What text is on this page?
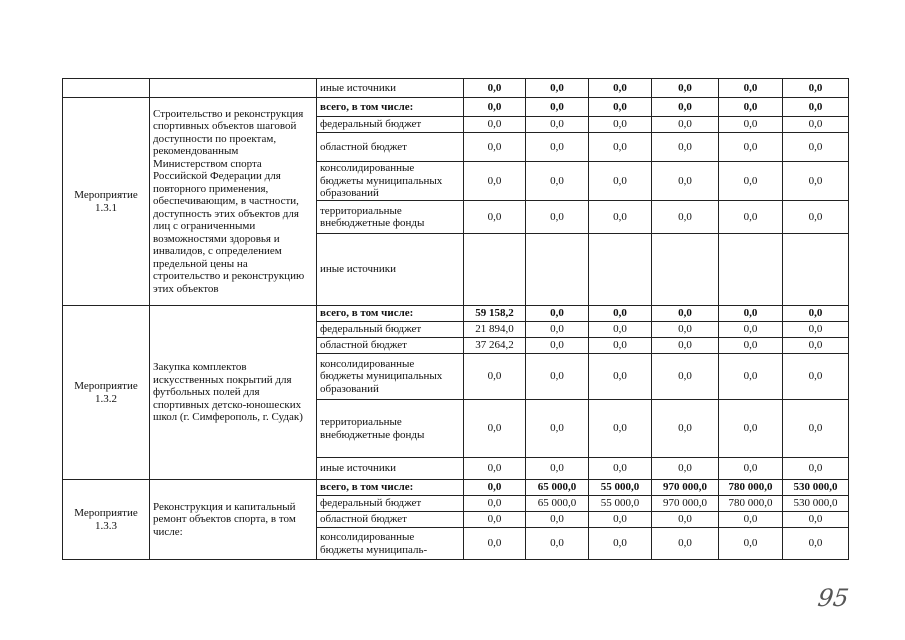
		иные источники	0,0	0,0	0,0	0,0	0,0	0,0
Мероприятие 1.3.1	Строительство и реконструкция спортивных объектов шаговой доступности по проектам, рекомендованным Министерством спорта Российской Федерации для повторного применения, обеспечивающим, в частности, доступность этих объектов для лиц с ограниченными возможностями здоровья и инвалидов, с определением предельной цены на строительство и реконструкцию этих объектов	всего, в том числе:	0,0	0,0	0,0	0,0	0,0	0,0
		федеральный бюджет	0,0	0,0	0,0	0,0	0,0	0,0
		областной бюджет	0,0	0,0	0,0	0,0	0,0	0,0
		консолидированные бюджеты муниципальных образований	0,0	0,0	0,0	0,0	0,0	0,0
		территориальные внебюджетные фонды	0,0	0,0	0,0	0,0	0,0	0,0
		иные источники						
Мероприятие 1.3.2	Закупка комплектов искусственных покрытий для футбольных полей для спортивных детско-юношеских школ (г. Симферополь, г. Судак)	всего, в том числе:	59 158,2	0,0	0,0	0,0	0,0	0,0
		федеральный бюджет	21 894,0	0,0	0,0	0,0	0,0	0,0
		областной бюджет	37 264,2	0,0	0,0	0,0	0,0	0,0
		консолидированные бюджеты муниципальных образований	0,0	0,0	0,0	0,0	0,0	0,0
		территориальные внебюджетные фонды	0,0	0,0	0,0	0,0	0,0	0,0
		иные источники	0,0	0,0	0,0	0,0	0,0	0,0
Мероприятие 1.3.3	Реконструкция и капитальный ремонт объектов спорта, в том числе:	всего, в том числе:	0,0	65 000,0	55 000,0	970 000,0	780 000,0	530 000,0
		федеральный бюджет	0,0	65 000,0	55 000,0	970 000,0	780 000,0	530 000,0
		областной бюджет	0,0	0,0	0,0	0,0	0,0	0,0
		консолидированные бюджеты муниципаль-	0,0	0,0	0,0	0,0	0,0	0,0
95
